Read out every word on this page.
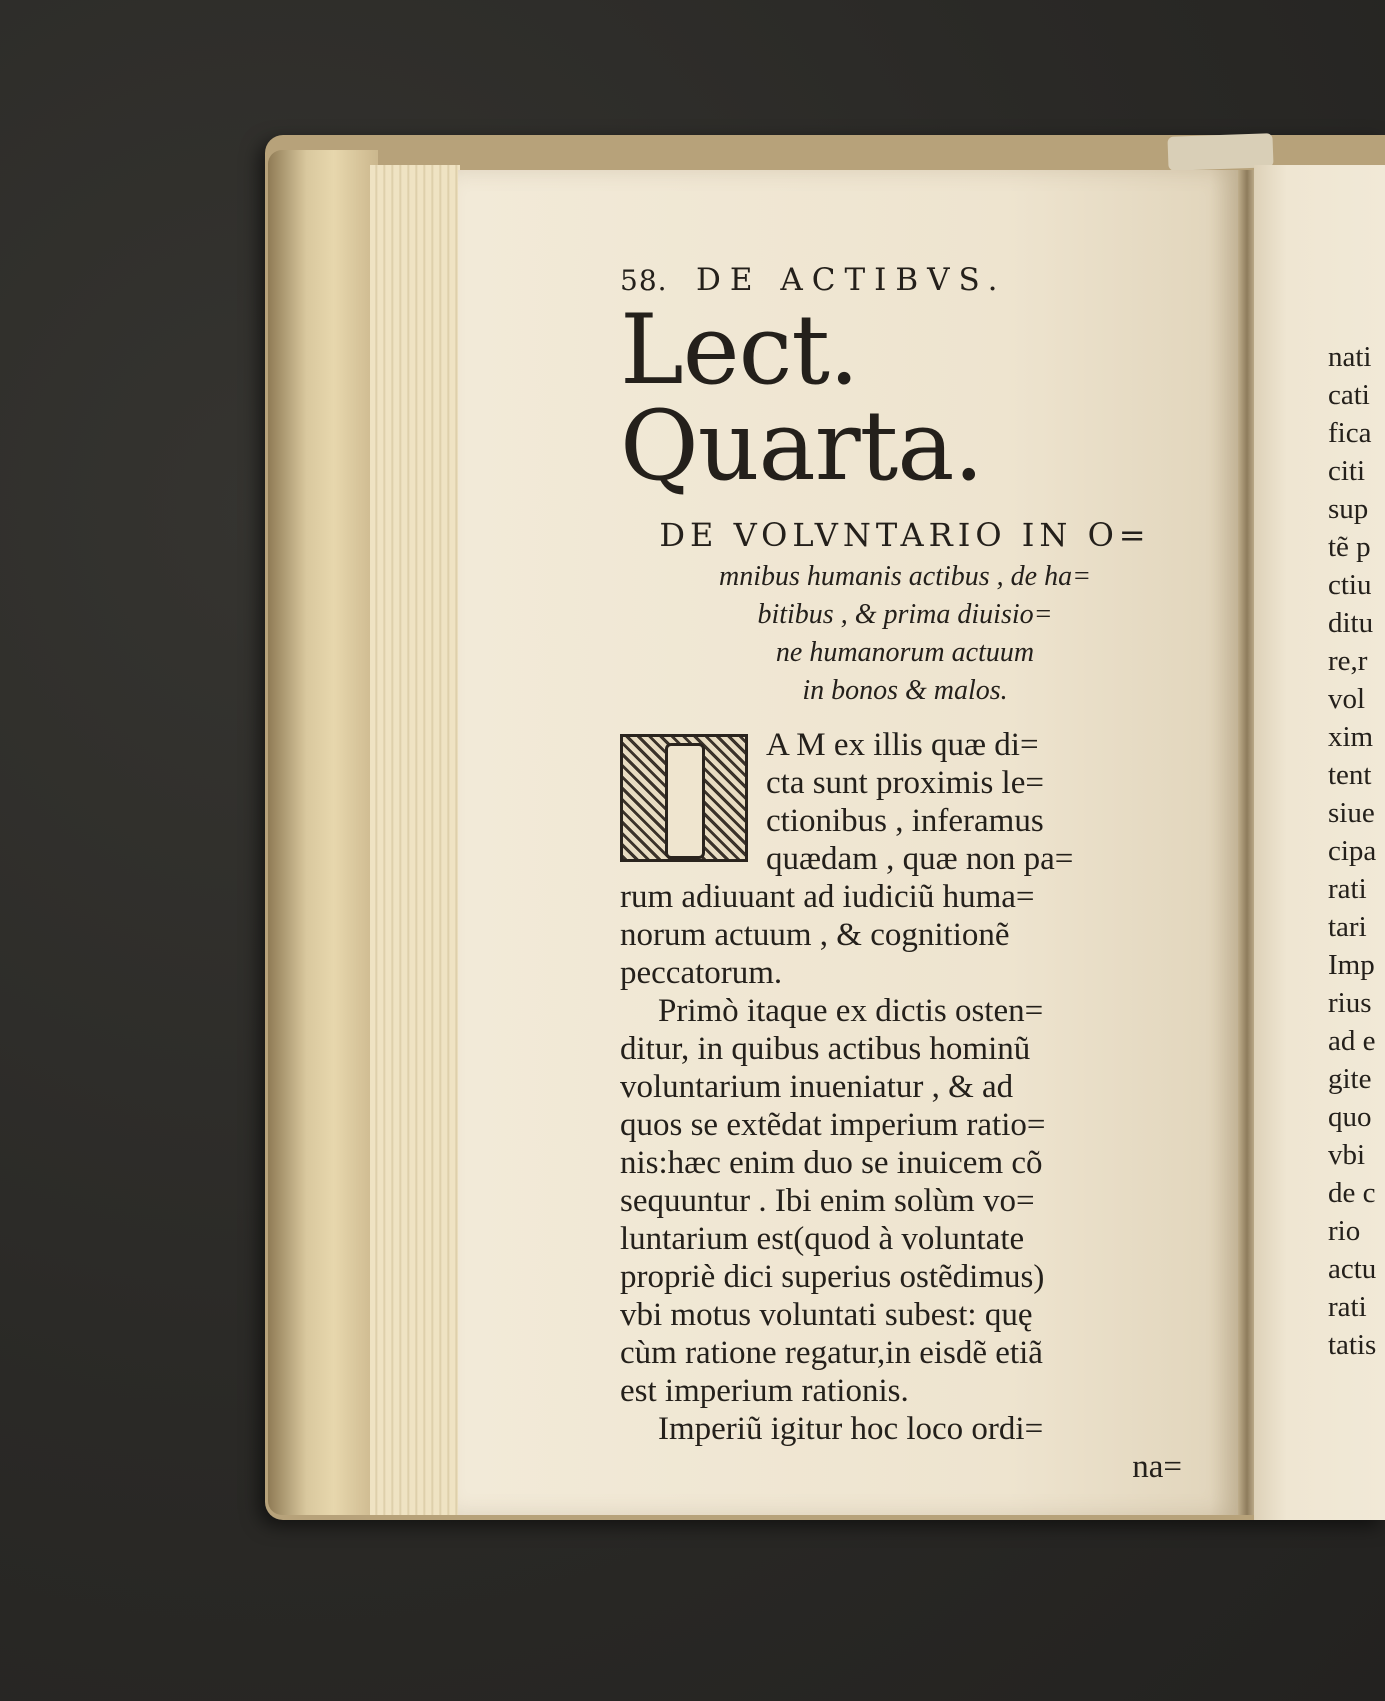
58. DE ACTIBVS.
Lect. Quarta.

DE VOLVNTARIO IN O=

mnibus humanis actibus , de ha=

bitibus , & prima diuisio=

ne humanorum actuum

in bonos & malos.

A M ex illis quæ di=
cta sunt proximis le=
ctionibus , inferamus
quædam , quæ non pa=
rum adiuuant ad iudiciũ huma=
norum actuum , & cognitionẽ
peccatorum.
Primò itaque ex dictis osten=
ditur, in quibus actibus hominũ
voluntarium inueniatur , & ad
quos se extẽdat imperium ratio=
nis:hæc enim duo se inuicem cõ
sequuntur . Ibi enim solùm vo=
luntarium est(quod à voluntate
propriè dici superius ostẽdimus)
vbi motus voluntati subest: quę
cùm ratione regatur,in eisdẽ etiã
est imperium rationis.
Imperiũ igitur hoc loco ordi=
na=
nati
cati
fica
citi
sup
tẽ p
ctiu
ditu
re,r
vol
xim
tent
siue
cipa
rati
tari
Imp
rius
ad e
gite
quo
vbi
de c
rio
actu
rati
tatis
